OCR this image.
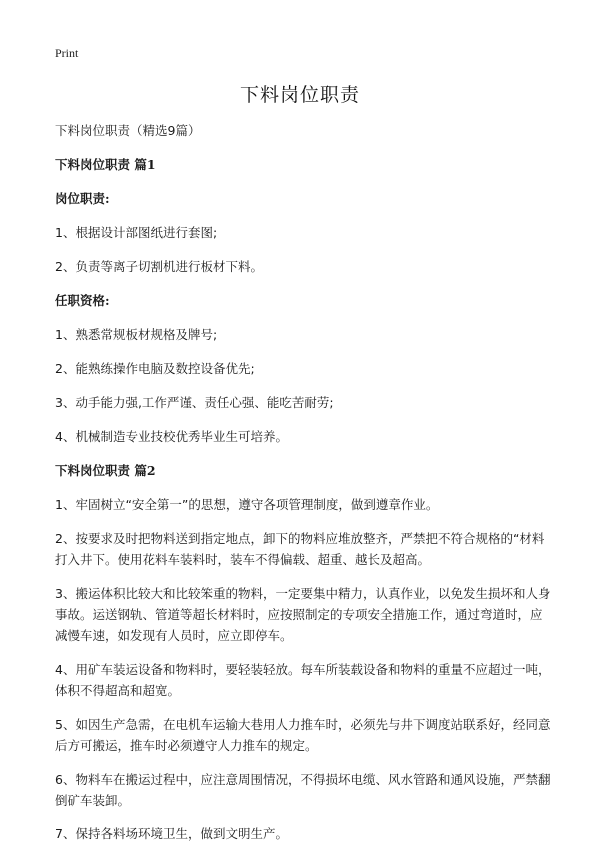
Print
下料岗位职责

下料岗位职责（精选9篇）

下料岗位职责 篇1

岗位职责:

1、根据设计部图纸进行套图;

2、负责等离子切割机进行板材下料。

任职资格:

1、熟悉常规板材规格及牌号;

2、能熟练操作电脑及数控设备优先;

3、动手能力强,工作严谨、责任心强、能吃苦耐劳;

4、机械制造专业技校优秀毕业生可培养。

下料岗位职责 篇2

1、牢固树立“安全第一”的思想，遵守各项管理制度，做到遵章作业。

2、按要求及时把物料送到指定地点，卸下的物料应堆放整齐，严禁把不符合规格的“材料打入井下。使用花料车装料时，装车不得偏载、超重、越长及超高。

3、搬运体积比较大和比较笨重的物料，一定要集中精力，认真作业，以免发生损坏和人身事故。运送钢轨、管道等超长材料时，应按照制定的专项安全措施工作，通过弯道时，应减慢车速，如发现有人员时，应立即停车。

4、用矿车装运设备和物料时，要轻装轻放。每车所装载设备和物料的重量不应超过一吨，体积不得超高和超宽。

5、如因生产急需，在电机车运输大巷用人力推车时，必须先与井下调度站联系好，经同意后方可搬运，推车时必须遵守人力推车的规定。

6、物料车在搬运过程中，应注意周围情况，不得损坏电缆、风水管路和通风设施，严禁翻倒矿车装卸。

7、保持各料场环境卫生，做到文明生产。
